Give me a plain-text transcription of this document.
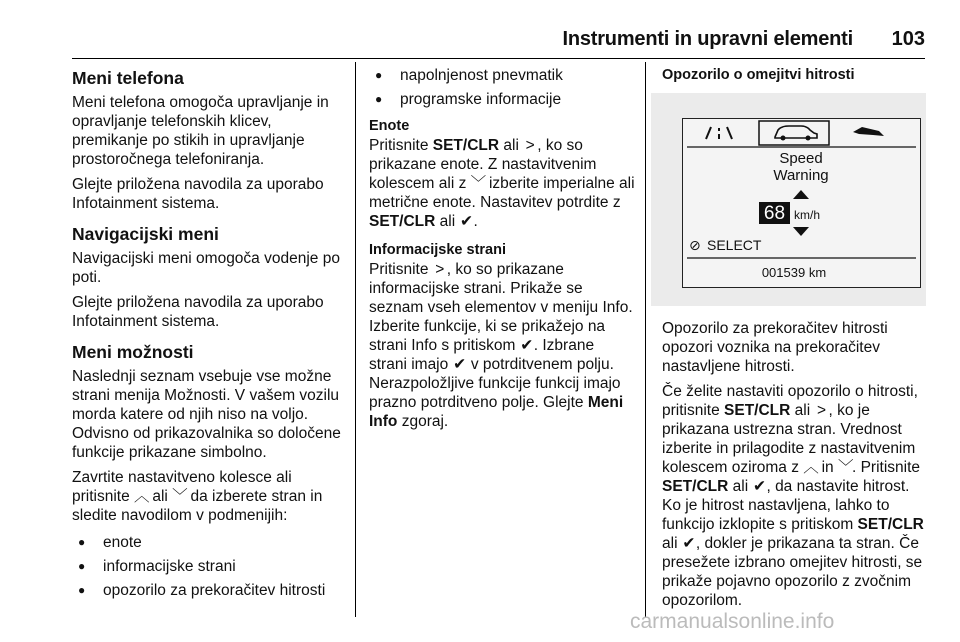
Instrumenti in upravni elementi 103
Meni telefona

Meni telefona omogoča upravljanje in opravljanje telefonskih klicev, premikanje po stikih in upravljanje prostoročnega telefoniranja.

Glejte priložena navodila za uporabo Infotainment sistema.

Navigacijski meni

Navigacijski meni omogoča vodenje po poti.

Glejte priložena navodila za uporabo Infotainment sistema.

Meni možnosti

Naslednji seznam vsebuje vse možne strani menija Možnosti. V vašem vozilu morda katere od njih niso na voljo. Odvisno od prikazovalnika so določene funkcije prikazane simbolno.

Zavrtite nastavitveno kolesce ali pritisnite ︿ ali ﹀ da izberete stran in sledite navodilom v podmenijih:

● enote
● informacijske strani
● opozorilo za prekoračitev hitrosti
● napolnjenost pnevmatik
● programske informacije
Enote

Pritisnite SET/CLR ali > , ko so prikazane enote. Z nastavitvenim kolescem ali z ﹀ izberite imperialne ali metrične enote. Nastavitev potrdite z SET/CLR ali ✔.

Informacijske strani

Pritisnite > , ko so prikazane informacijske strani. Prikaže se seznam vseh elementov v meniju Info. Izberite funkcije, ki se prikažejo na strani Info s pritiskom ✔. Izbrane strani imajo ✔ v potrditvenem polju. Nerazpoložljive funkcije funkcij imajo prazno potrditveno polje. Glejte Meni Info zgoraj.

Opozorilo o omejitvi hitrosti
Speed
Warning
68 km/h
⊘ SELECT
001539 km

Opozorilo za prekoračitev hitrosti opozori voznika na prekoračitev nastavljene hitrosti.

Če želite nastaviti opozorilo o hitrosti, pritisnite SET/CLR ali > , ko je prikazana ustrezna stran. Vrednost izberite in prilagodite z nastavitvenim kolescem oziroma z ︿ in ﹀. Pritisnite SET/CLR ali ✔, da nastavite hitrost. Ko je hitrost nastavljena, lahko to funkcijo izklopite s pritiskom SET/CLR ali ✔, dokler je prikazana ta stran. Če presežete izbrano omejitev hitrosti, se prikaže pojavno opozorilo z zvočnim opozorilom.

carmanualsonline.info
